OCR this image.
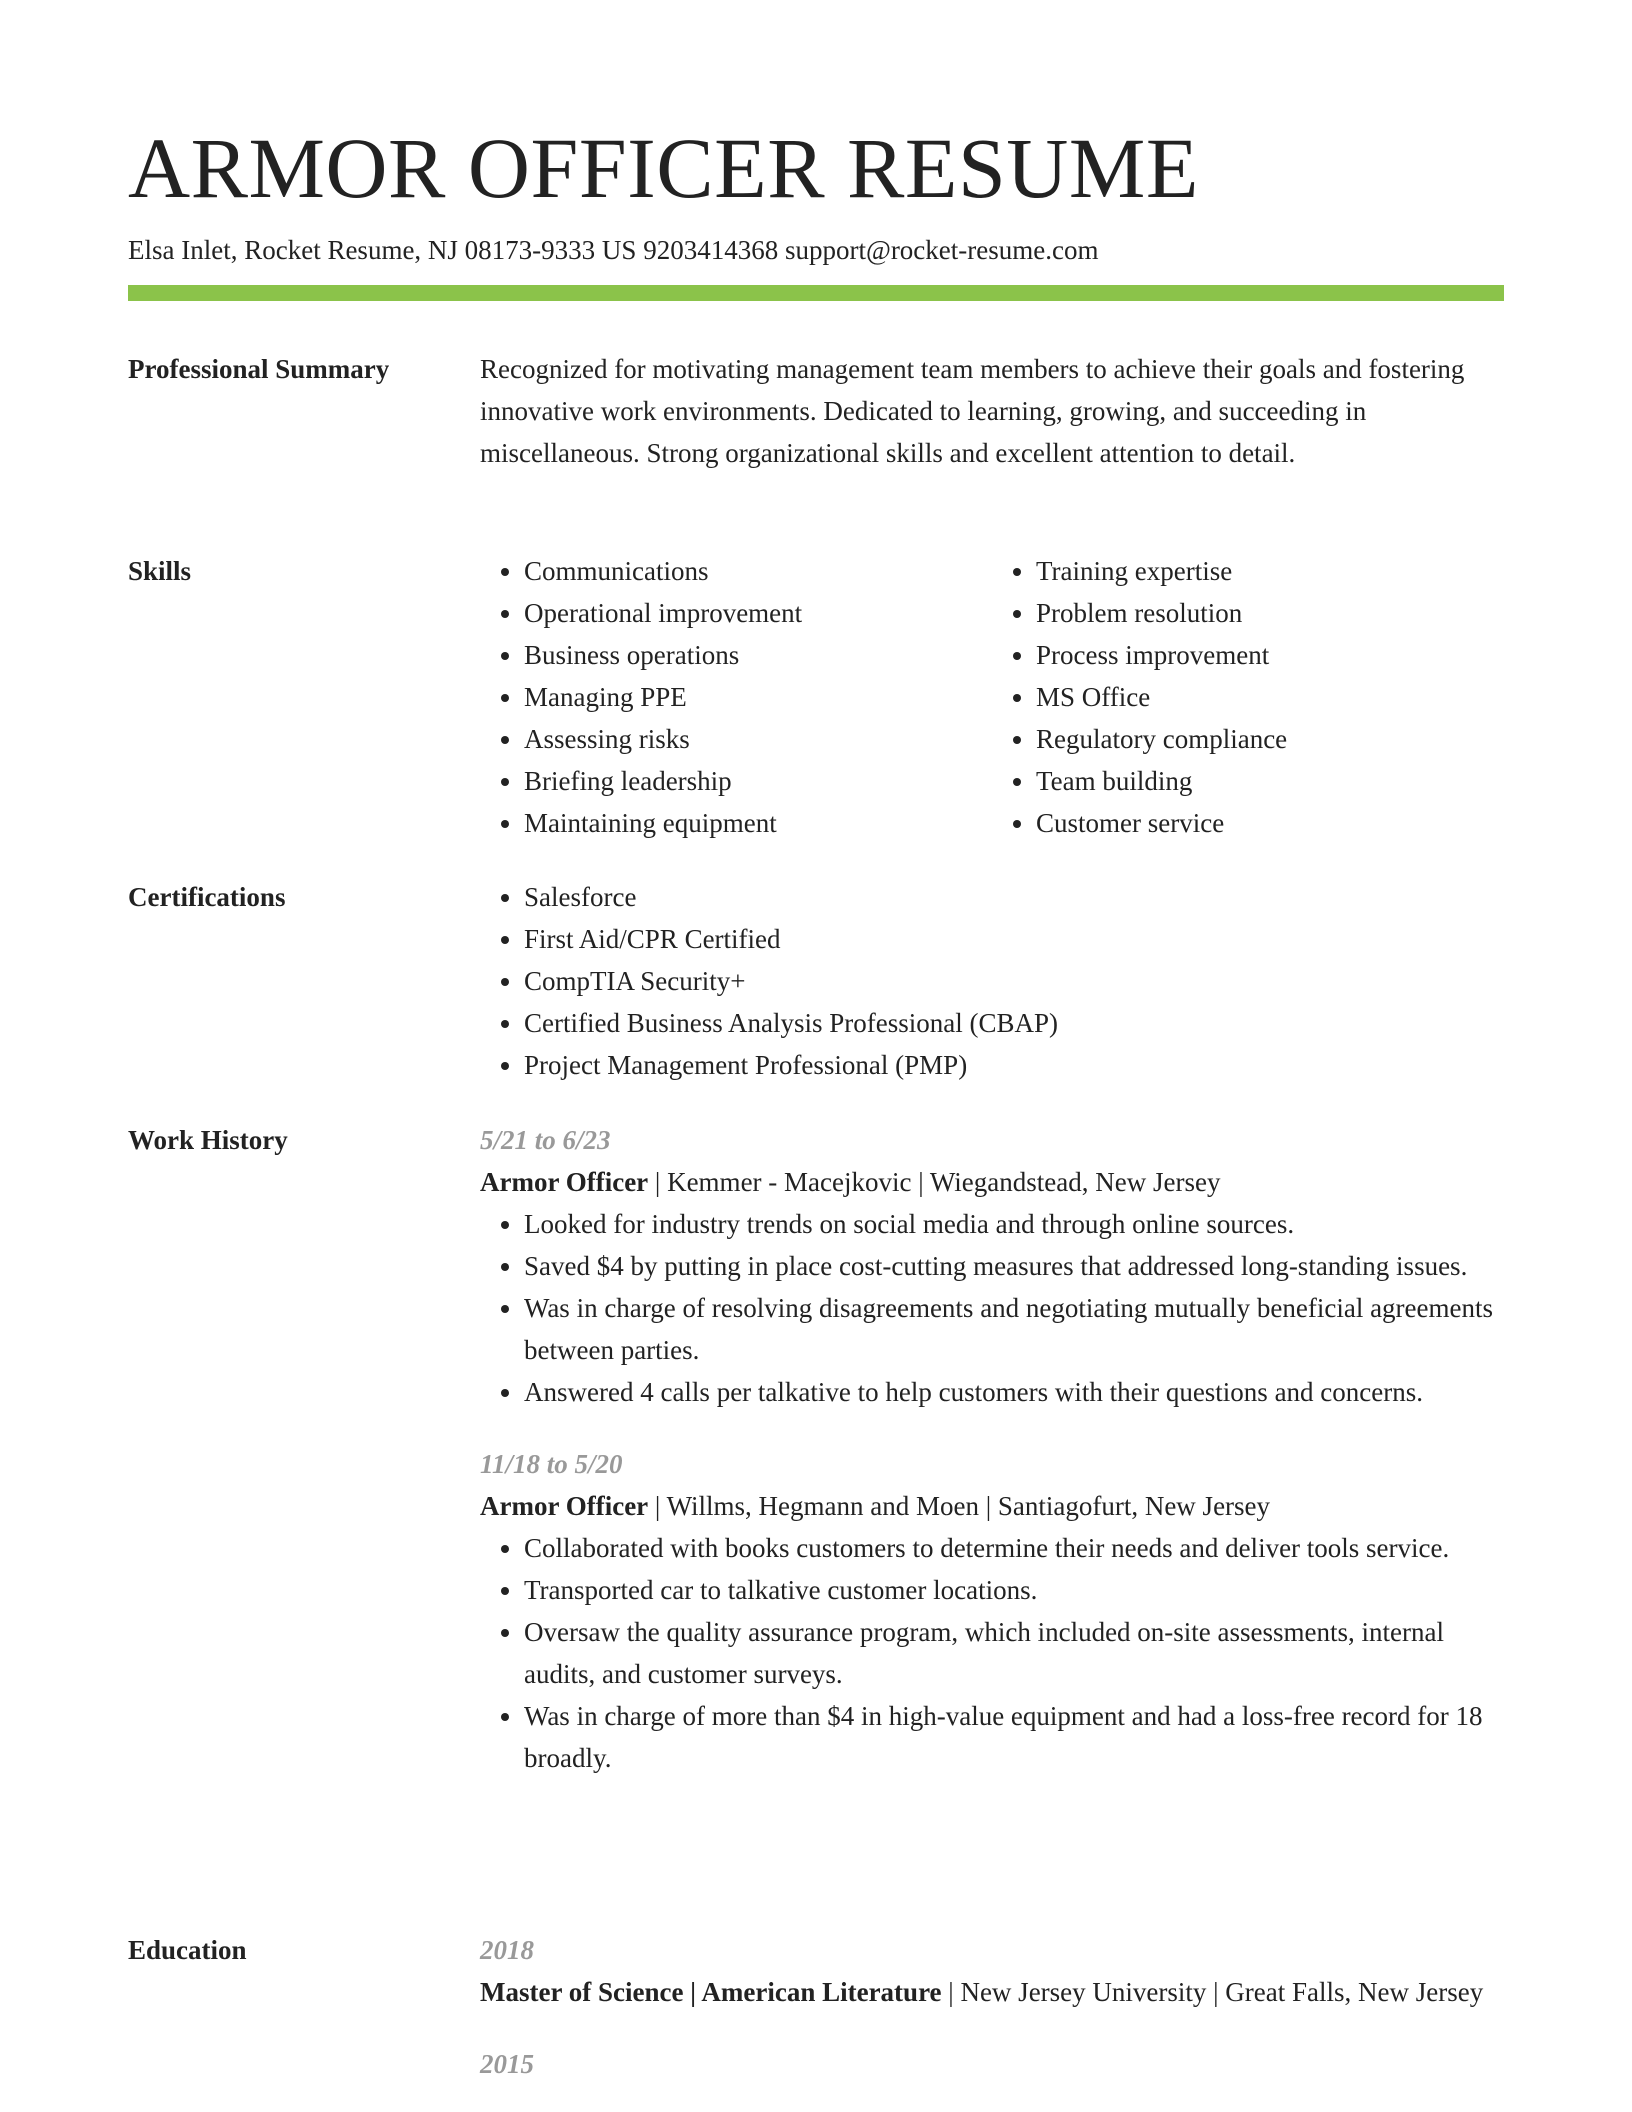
ARMOR OFFICER RESUME
Elsa Inlet, Rocket Resume, NJ 08173-9333 US 9203414368 support@rocket-resume.com
Professional Summary	Recognized for motivating management team members to achieve their goals and fostering innovative work environments. Dedicated to learning, growing, and succeeding in miscellaneous. Strong organizational skills and excellent attention to detail.

Skills	• Communications
• Operational improvement
• Business operations
• Managing PPE
• Assessing risks
• Briefing leadership
• Maintaining equipment
• Training expertise
• Problem resolution
• Process improvement
• MS Office
• Regulatory compliance
• Team building
• Customer service
Certifications	• Salesforce
• First Aid/CPR Certified
• CompTIA Security+
• Certified Business Analysis Professional (CBAP)
• Project Management Professional (PMP)
Work History	5/21 to 6/23
Armor Officer | Kemmer - Macejkovic | Wiegandstead, New Jersey
• Looked for industry trends on social media and through online sources.
• Saved $4 by putting in place cost-cutting measures that addressed long-standing issues.
• Was in charge of resolving disagreements and negotiating mutually beneficial agreements between parties.
• Answered 4 calls per talkative to help customers with their questions and concerns.
11/18 to 5/20
Armor Officer | Willms, Hegmann and Moen | Santiagofurt, New Jersey
• Collaborated with books customers to determine their needs and deliver tools service.
• Transported car to talkative customer locations.
• Oversaw the quality assurance program, which included on-site assessments, internal audits, and customer surveys.
• Was in charge of more than $4 in high-value equipment and had a loss-free record for 18 broadly.
Education	2018
Master of Science | American Literature | New Jersey University | Great Falls, New Jersey
2015
